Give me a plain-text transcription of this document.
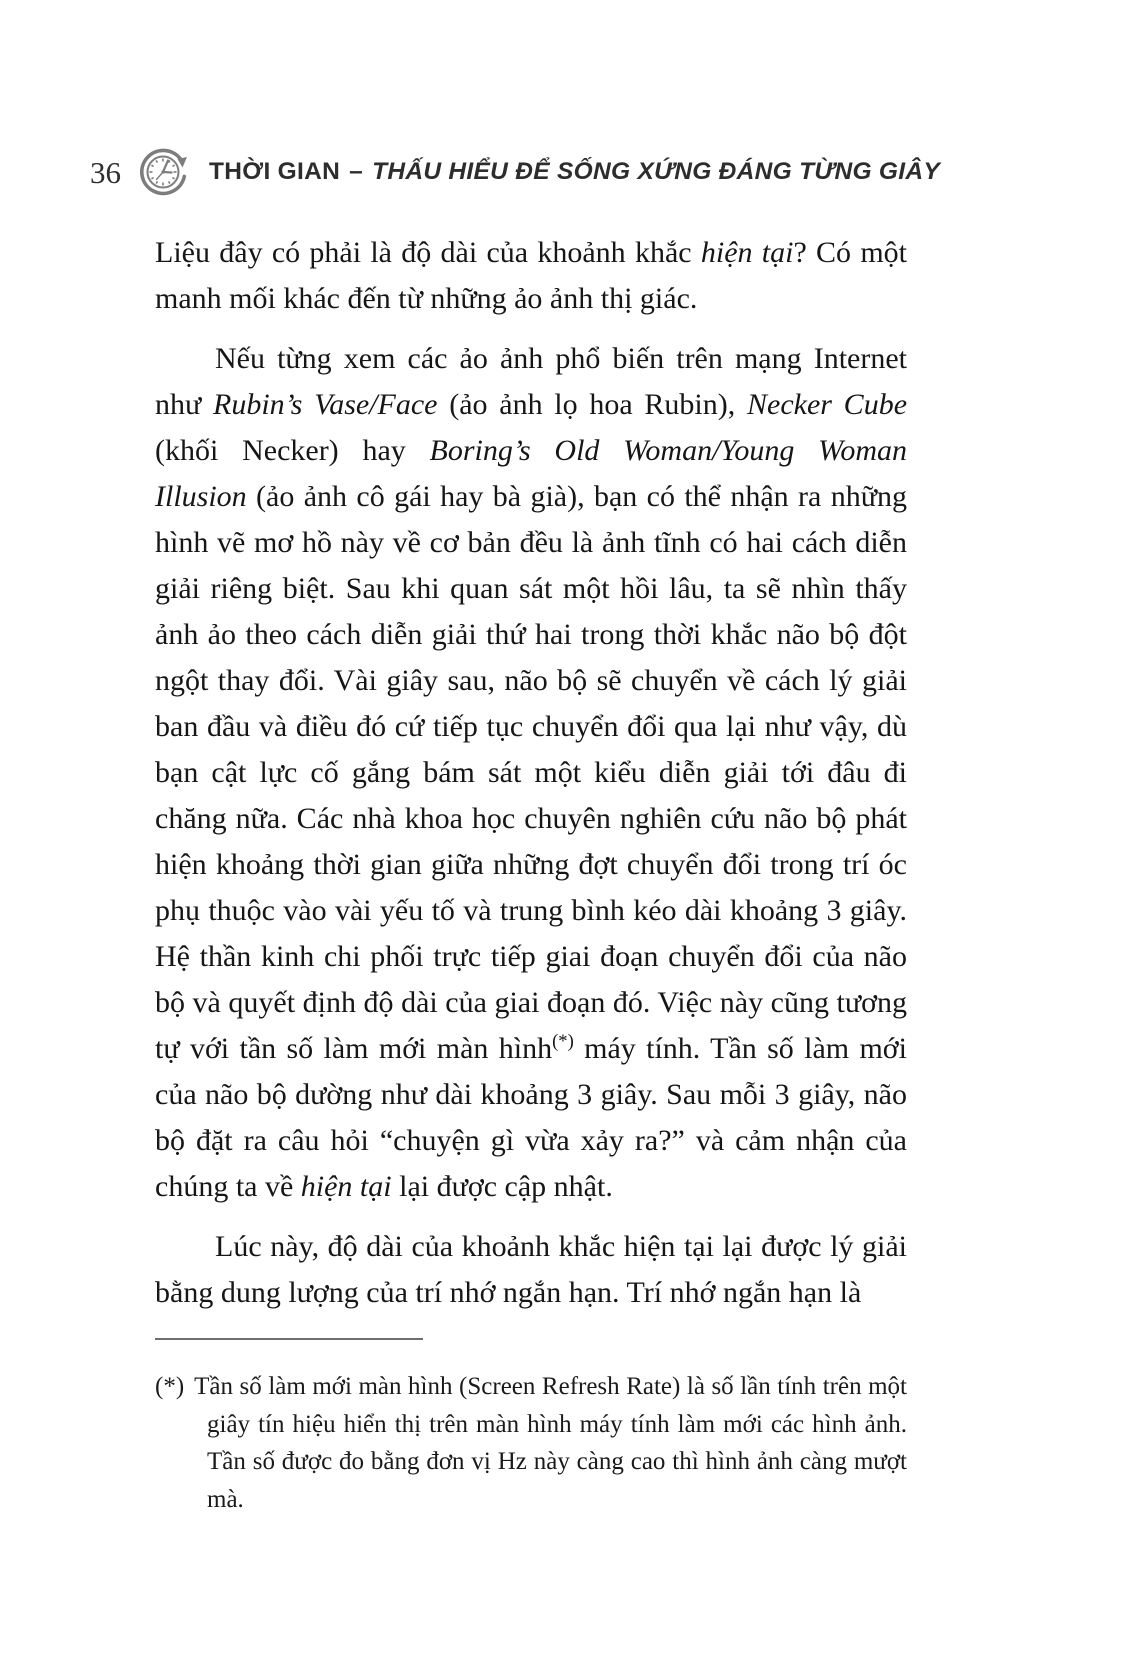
36	THỜI GIAN – THẤU HIỂU ĐỂ SỐNG XỨNG ĐÁNG TỪNG GIÂY

Liệu đây có phải là độ dài của khoảnh khắc hiện tại? Có một manh mối khác đến từ những ảo ảnh thị giác.

Nếu từng xem các ảo ảnh phổ biến trên mạng Internet như Rubin’s Vase/Face (ảo ảnh lọ hoa Rubin), Necker Cube (khối Necker) hay Boring’s Old Woman/Young Woman Illusion (ảo ảnh cô gái hay bà già), bạn có thể nhận ra những hình vẽ mơ hồ này về cơ bản đều là ảnh tĩnh có hai cách diễn giải riêng biệt. Sau khi quan sát một hồi lâu, ta sẽ nhìn thấy ảnh ảo theo cách diễn giải thứ hai trong thời khắc não bộ đột ngột thay đổi. Vài giây sau, não bộ sẽ chuyển về cách lý giải ban đầu và điều đó cứ tiếp tục chuyển đổi qua lại như vậy, dù bạn cật lực cố gắng bám sát một kiểu diễn giải tới đâu đi chăng nữa. Các nhà khoa học chuyên nghiên cứu não bộ phát hiện khoảng thời gian giữa những đợt chuyển đổi trong trí óc phụ thuộc vào vài yếu tố và trung bình kéo dài khoảng 3 giây. Hệ thần kinh chi phối trực tiếp giai đoạn chuyển đổi của não bộ và quyết định độ dài của giai đoạn đó. Việc này cũng tương tự với tần số làm mới màn hình(*) máy tính. Tần số làm mới của não bộ dường như dài khoảng 3 giây. Sau mỗi 3 giây, não bộ đặt ra câu hỏi “chuyện gì vừa xảy ra?” và cảm nhận của chúng ta về hiện tại lại được cập nhật.

Lúc này, độ dài của khoảnh khắc hiện tại lại được lý giải bằng dung lượng của trí nhớ ngắn hạn. Trí nhớ ngắn hạn là

(*) Tần số làm mới màn hình (Screen Refresh Rate) là số lần tính trên một giây tín hiệu hiển thị trên màn hình máy tính làm mới các hình ảnh. Tần số được đo bằng đơn vị Hz này càng cao thì hình ảnh càng mượt mà.
